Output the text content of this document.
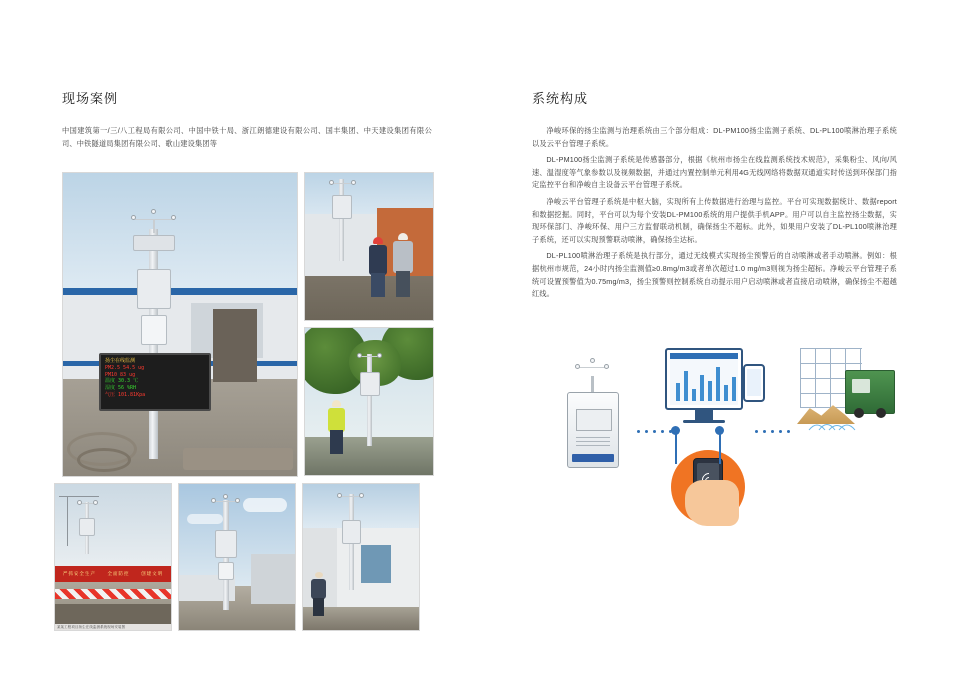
现场案例

中国建筑第一/三/八工程局有限公司、中国中铁十局、浙江朗德建设有限公司、国丰集团、中天建设集团有限公司、中铁隧道局集团有限公司、歌山建设集团等

扬尘在线监测
PM2.5 54.5 ug
PM10 83 ug
温度 30.3 ℃
湿度 56 %RH
气压 101.81Kpa
严抓安全生产	全面防控	创建文明
某某工程项目扬尘在线监测系统现场安装图
系统构成

净峻环保的扬尘监测与治理系统由三个部分组成：DL-PM100扬尘监测子系统、DL-PL100喷淋治理子系统以及云平台管理子系统。

DL-PM100扬尘监测子系统是传感器部分，根据《杭州市扬尘在线监测系统技术规范》，采集粉尘、风向/风速、温湿度等气象参数以及视频数据，并通过内置控制单元利用4G无线网络将数据双通道实时传送到环保部门指定监控平台和净峻自主设备云平台管理子系统。

净峻云平台管理子系统是中枢大脑，实现所有上传数据进行治理与监控。平台可实现数据统计、数据report和数据挖掘。同时，平台可以为每个安装DL-PM100系统的用户提供手机APP。用户可以自主监控扬尘数据，实现环保部门、净峻环保、用户三方监督联动机制，确保扬尘不超标。此外，如果用户安装了DL-PL100喷淋治理子系统，还可以实现预警联动喷淋，确保扬尘达标。

DL-PL100喷淋治理子系统是执行部分，通过无线模式实现扬尘预警后的自动喷淋或者手动喷淋。例如：根据杭州市规范，24小时内扬尘监测值≥0.8mg/m3或者单次超过1.0 mg/m3则视为扬尘超标。净峻云平台管理子系统可设置预警值为0.75mg/m3，扬尘预警则控制系统自动提示用户启动喷淋或者直接启动喷淋，确保扬尘不超越红线。
